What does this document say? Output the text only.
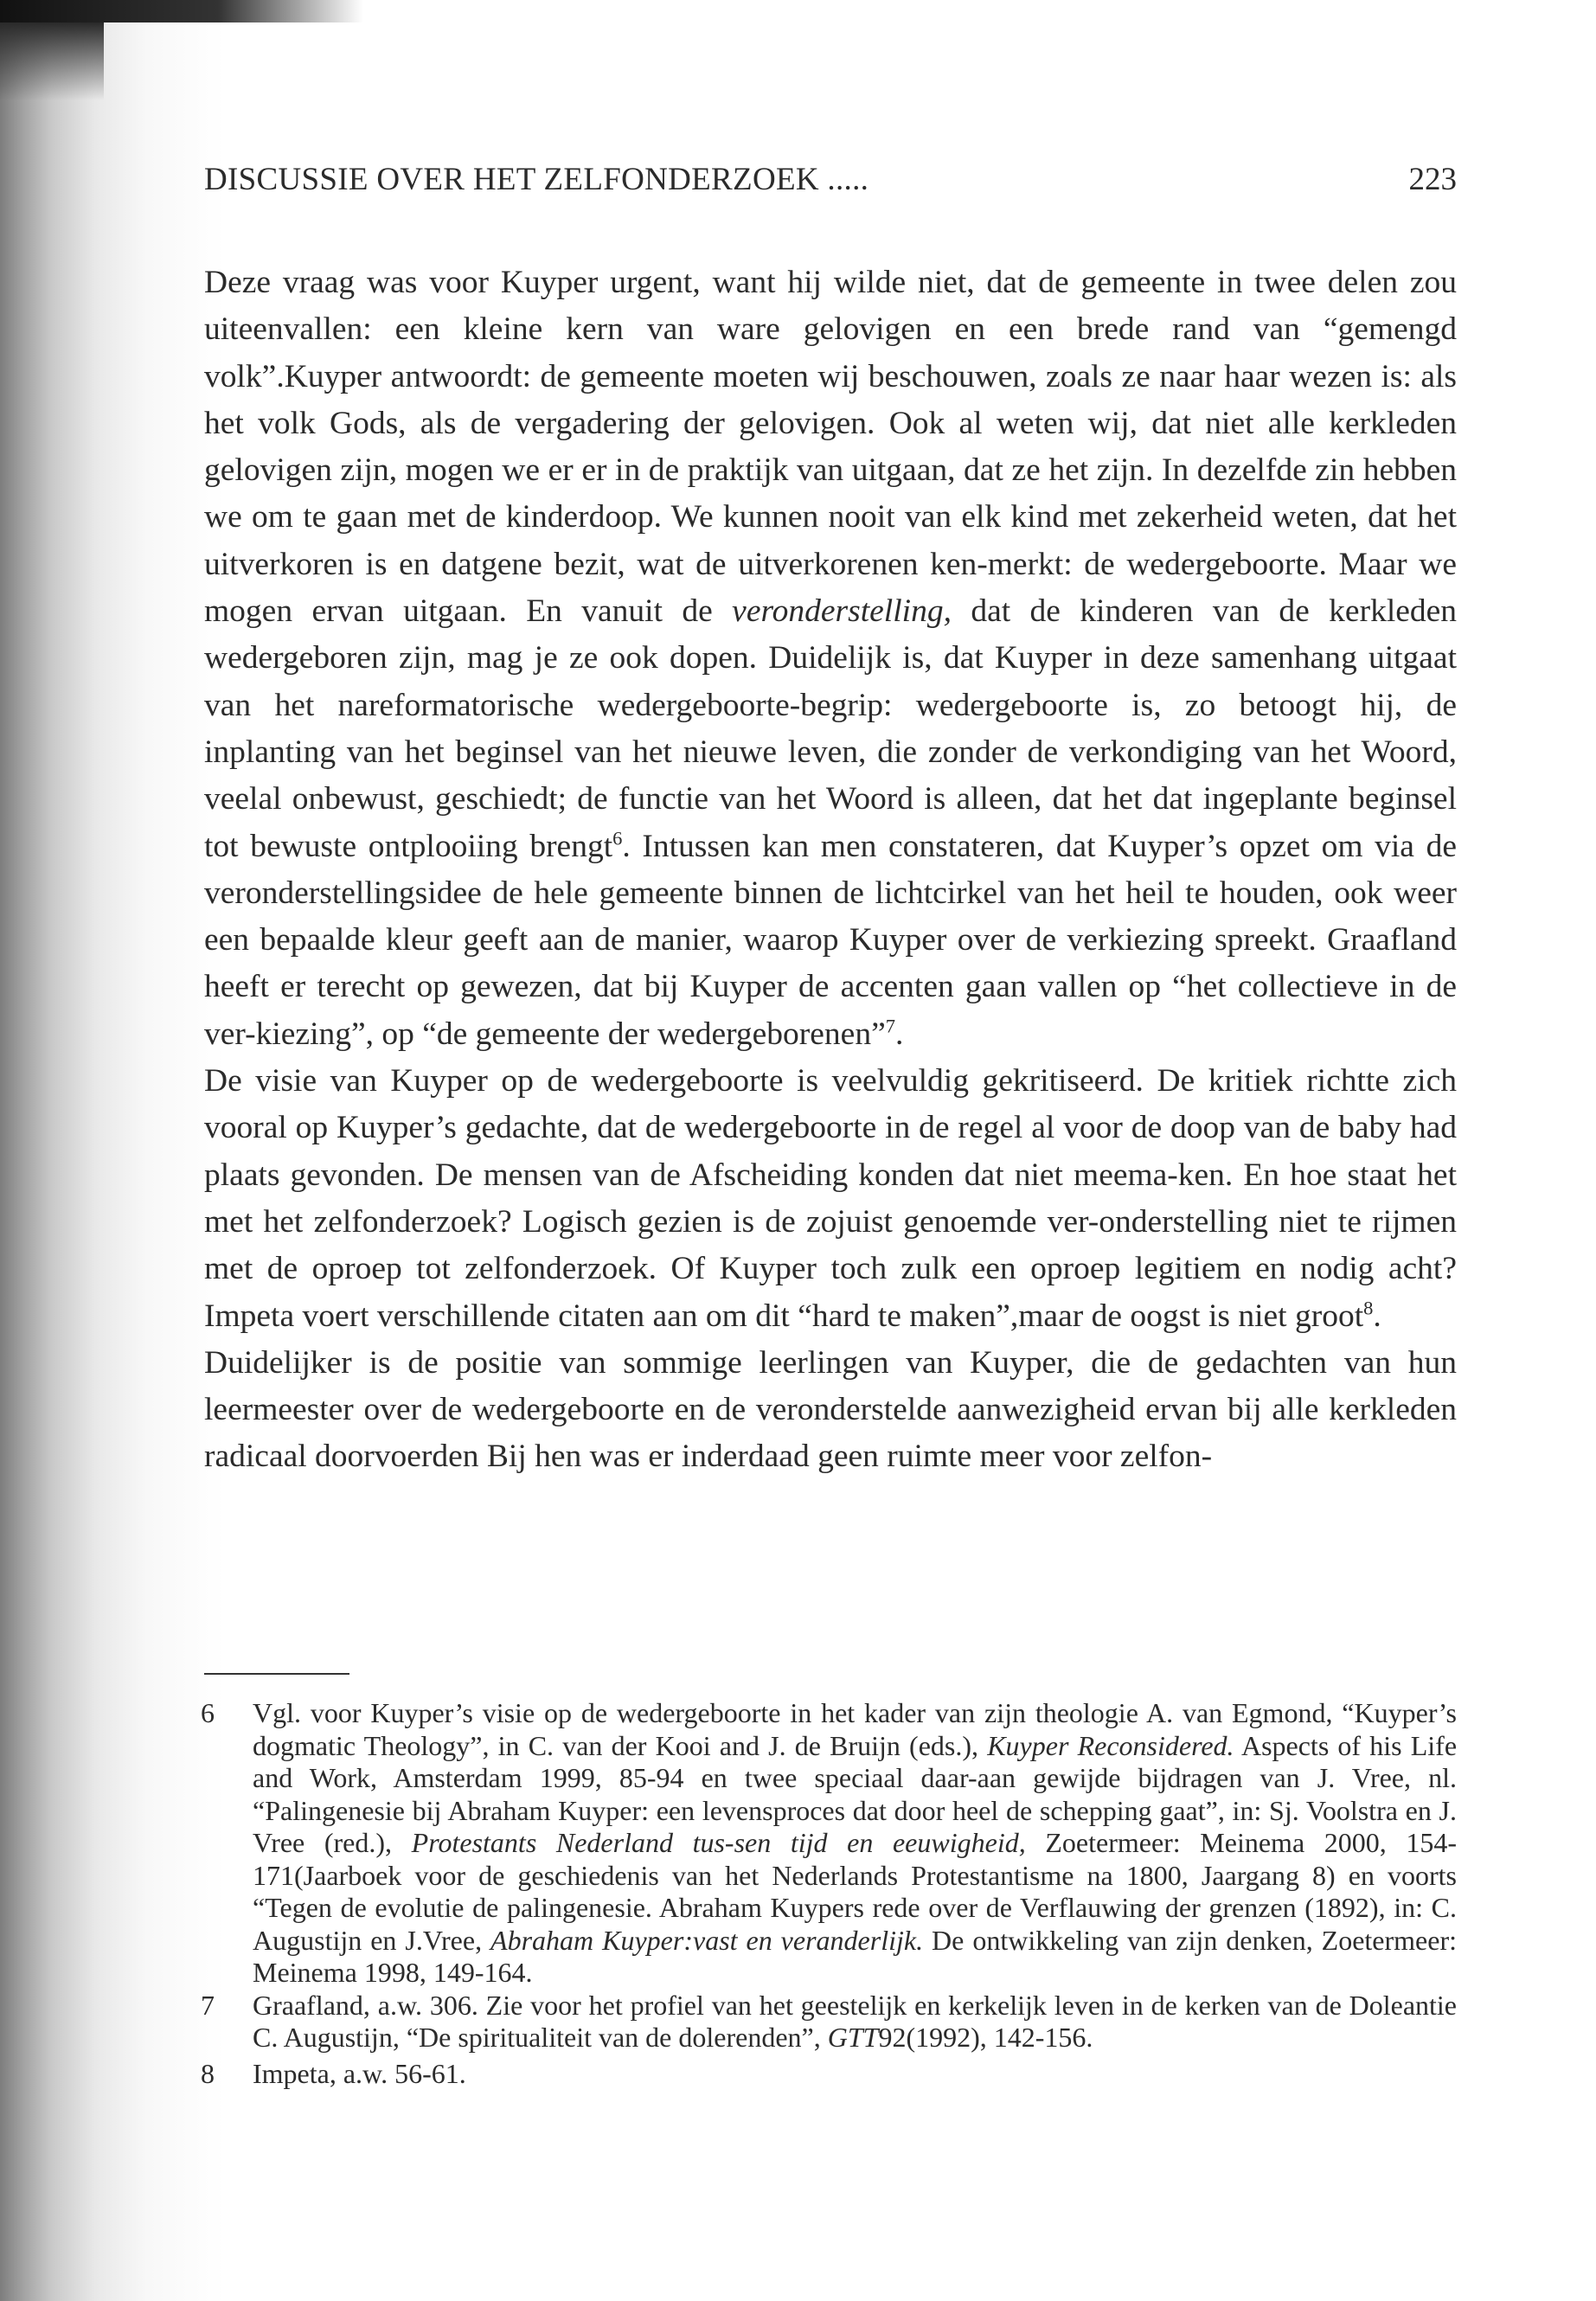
DISCUSSIE OVER HET ZELFONDERZOEK .....	223

Deze vraag was voor Kuyper urgent, want hij wilde niet, dat de gemeente in twee delen zou uiteenvallen: een kleine kern van ware gelovigen en een brede rand van “gemengd volk”.Kuyper antwoordt: de gemeente moeten wij beschouwen, zoals ze naar haar wezen is: als het volk Gods, als de vergadering der gelovigen. Ook al weten wij, dat niet alle kerkleden gelovigen zijn, mogen we er er in de praktijk van uitgaan, dat ze het zijn. In dezelfde zin hebben we om te gaan met de kinderdoop. We kunnen nooit van elk kind met zekerheid weten, dat het uitverkoren is en datgene bezit, wat de uitverkorenen ken-merkt: de wedergeboorte. Maar we mogen ervan uitgaan. En vanuit de veronderstelling, dat de kinderen van de kerkleden wedergeboren zijn, mag je ze ook dopen. Duidelijk is, dat Kuyper in deze samenhang uitgaat van het nareformatorische wedergeboorte-begrip: wedergeboorte is, zo betoogt hij, de inplanting van het beginsel van het nieuwe leven, die zonder de verkondiging van het Woord, veelal onbewust, geschiedt; de functie van het Woord is alleen, dat het dat ingeplante beginsel tot bewuste ontplooiing brengt$^6$. Intussen kan men constateren, dat Kuyper’s opzet om via de veronderstellingsidee de hele gemeente binnen de lichtcirkel van het heil te houden, ook weer een bepaalde kleur geeft aan de manier, waarop Kuyper over de verkiezing spreekt. Graafland heeft er terecht op gewezen, dat bij Kuyper de accenten gaan vallen op “het collectieve in de ver-kiezing”, op “de gemeente der wedergeborenen”$^7$.

De visie van Kuyper op de wedergeboorte is veelvuldig gekritiseerd. De kritiek richtte zich vooral op Kuyper’s gedachte, dat de wedergeboorte in de regel al voor de doop van de baby had plaats gevonden. De mensen van de Afscheiding konden dat niet meema-ken. En hoe staat het met het zelfonderzoek? Logisch gezien is de zojuist genoemde ver-onderstelling niet te rijmen met de oproep tot zelfonderzoek. Of Kuyper toch zulk een oproep legitiem en nodig acht? Impeta voert verschillende citaten aan om dit “hard te maken”,maar de oogst is niet groot$^8$.

Duidelijker is de positie van sommige leerlingen van Kuyper, die de gedachten van hun leermeester over de wedergeboorte en de veronderstelde aanwezigheid ervan bij alle kerkleden radicaal doorvoerden Bij hen was er inderdaad geen ruimte meer voor zelfon-

6 Vgl. voor Kuyper’s visie op de wedergeboorte in het kader van zijn theologie A. van Egmond, “Kuyper’s dogmatic Theology”, in C. van der Kooi and J. de Bruijn (eds.), Kuyper Reconsidered. Aspects of his Life and Work, Amsterdam 1999, 85-94 en twee speciaal daar-aan gewijde bijdragen van J. Vree, nl. “Palingenesie bij Abraham Kuyper: een levensproces dat door heel de schepping gaat”, in: Sj. Voolstra en J. Vree (red.), Protestants Nederland tus-sen tijd en eeuwigheid, Zoetermeer: Meinema 2000, 154-171(Jaarboek voor de geschiedenis van het Nederlands Protestantisme na 1800, Jaargang 8) en voorts “Tegen de evolutie de palingenesie. Abraham Kuypers rede over de Verflauwing der grenzen (1892), in: C. Augustijn en J.Vree, Abraham Kuyper:vast en veranderlijk. De ontwikkeling van zijn denken, Zoetermeer: Meinema 1998, 149-164.

7 Graafland, a.w. 306. Zie voor het profiel van het geestelijk en kerkelijk leven in de kerken van de Doleantie C. Augustijn, “De spiritualiteit van de dolerenden”, GTT92(1992), 142-156.

8 Impeta, a.w. 56-61.
